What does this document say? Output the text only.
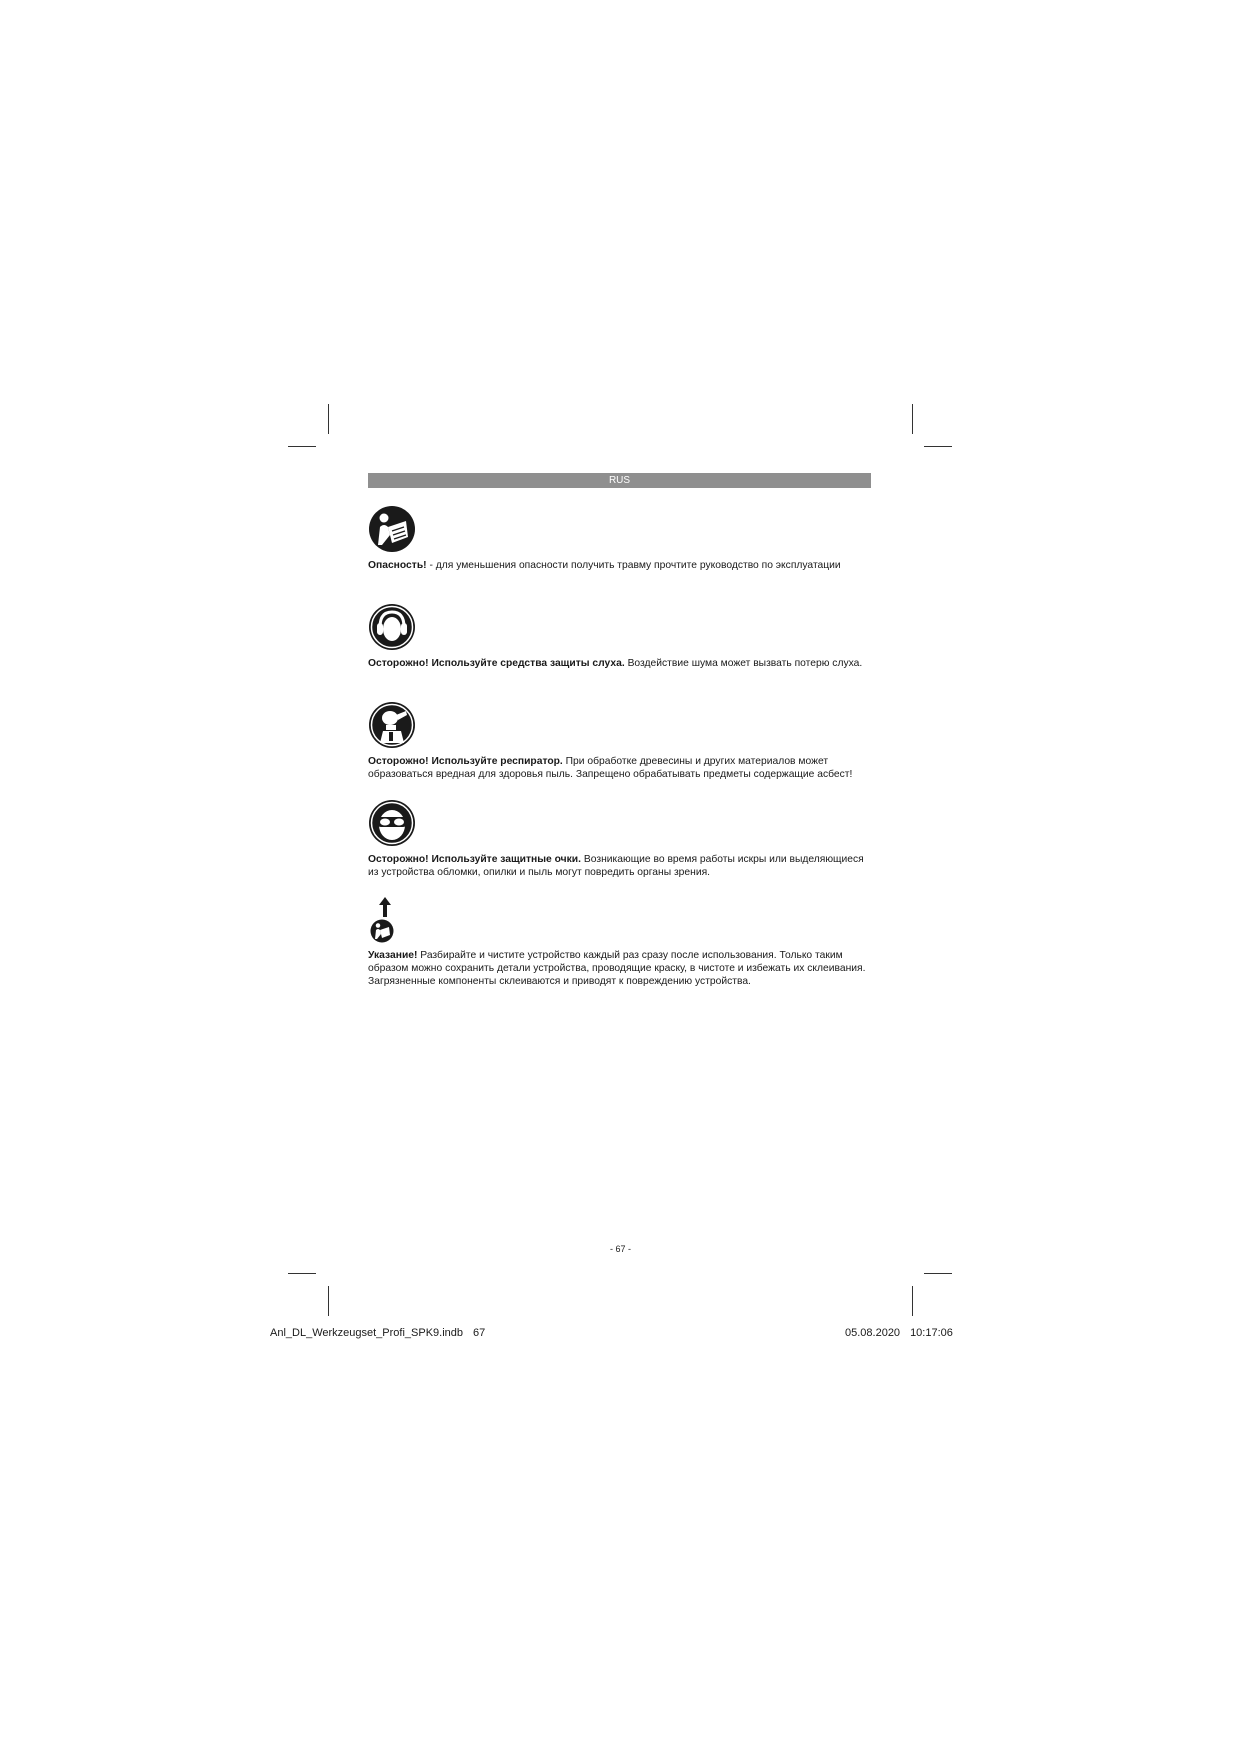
RUS
Опасность! - для уменьшения опасности получить травму прочтите руководство по эксплуатации
Осторожно! Используйте средства защиты слуха. Воздействие шума может вызвать потерю слуха.
Осторожно! Используйте респиратор. При обработке древесины и других материалов может образоваться вредная для здоровья пыль. Запрещено обрабатывать предметы содержащие асбест!
Осторожно! Используйте защитные очки. Возникающие во время работы искры или выделяющиеся из устройства обломки, опилки и пыль могут повредить органы зрения.
Указание! Разбирайте и чистите устройство каждый раз сразу после использования. Только таким образом можно сохранить детали устройства, проводящие краску, в чистоте и избежать их склеивания. Загрязненные компоненты склеиваются и приводят к повреждению устройства.
- 67 -
Anl_DL_Werkzeugset_Profi_SPK9.indb 67	05.08.2020 10:17:06
